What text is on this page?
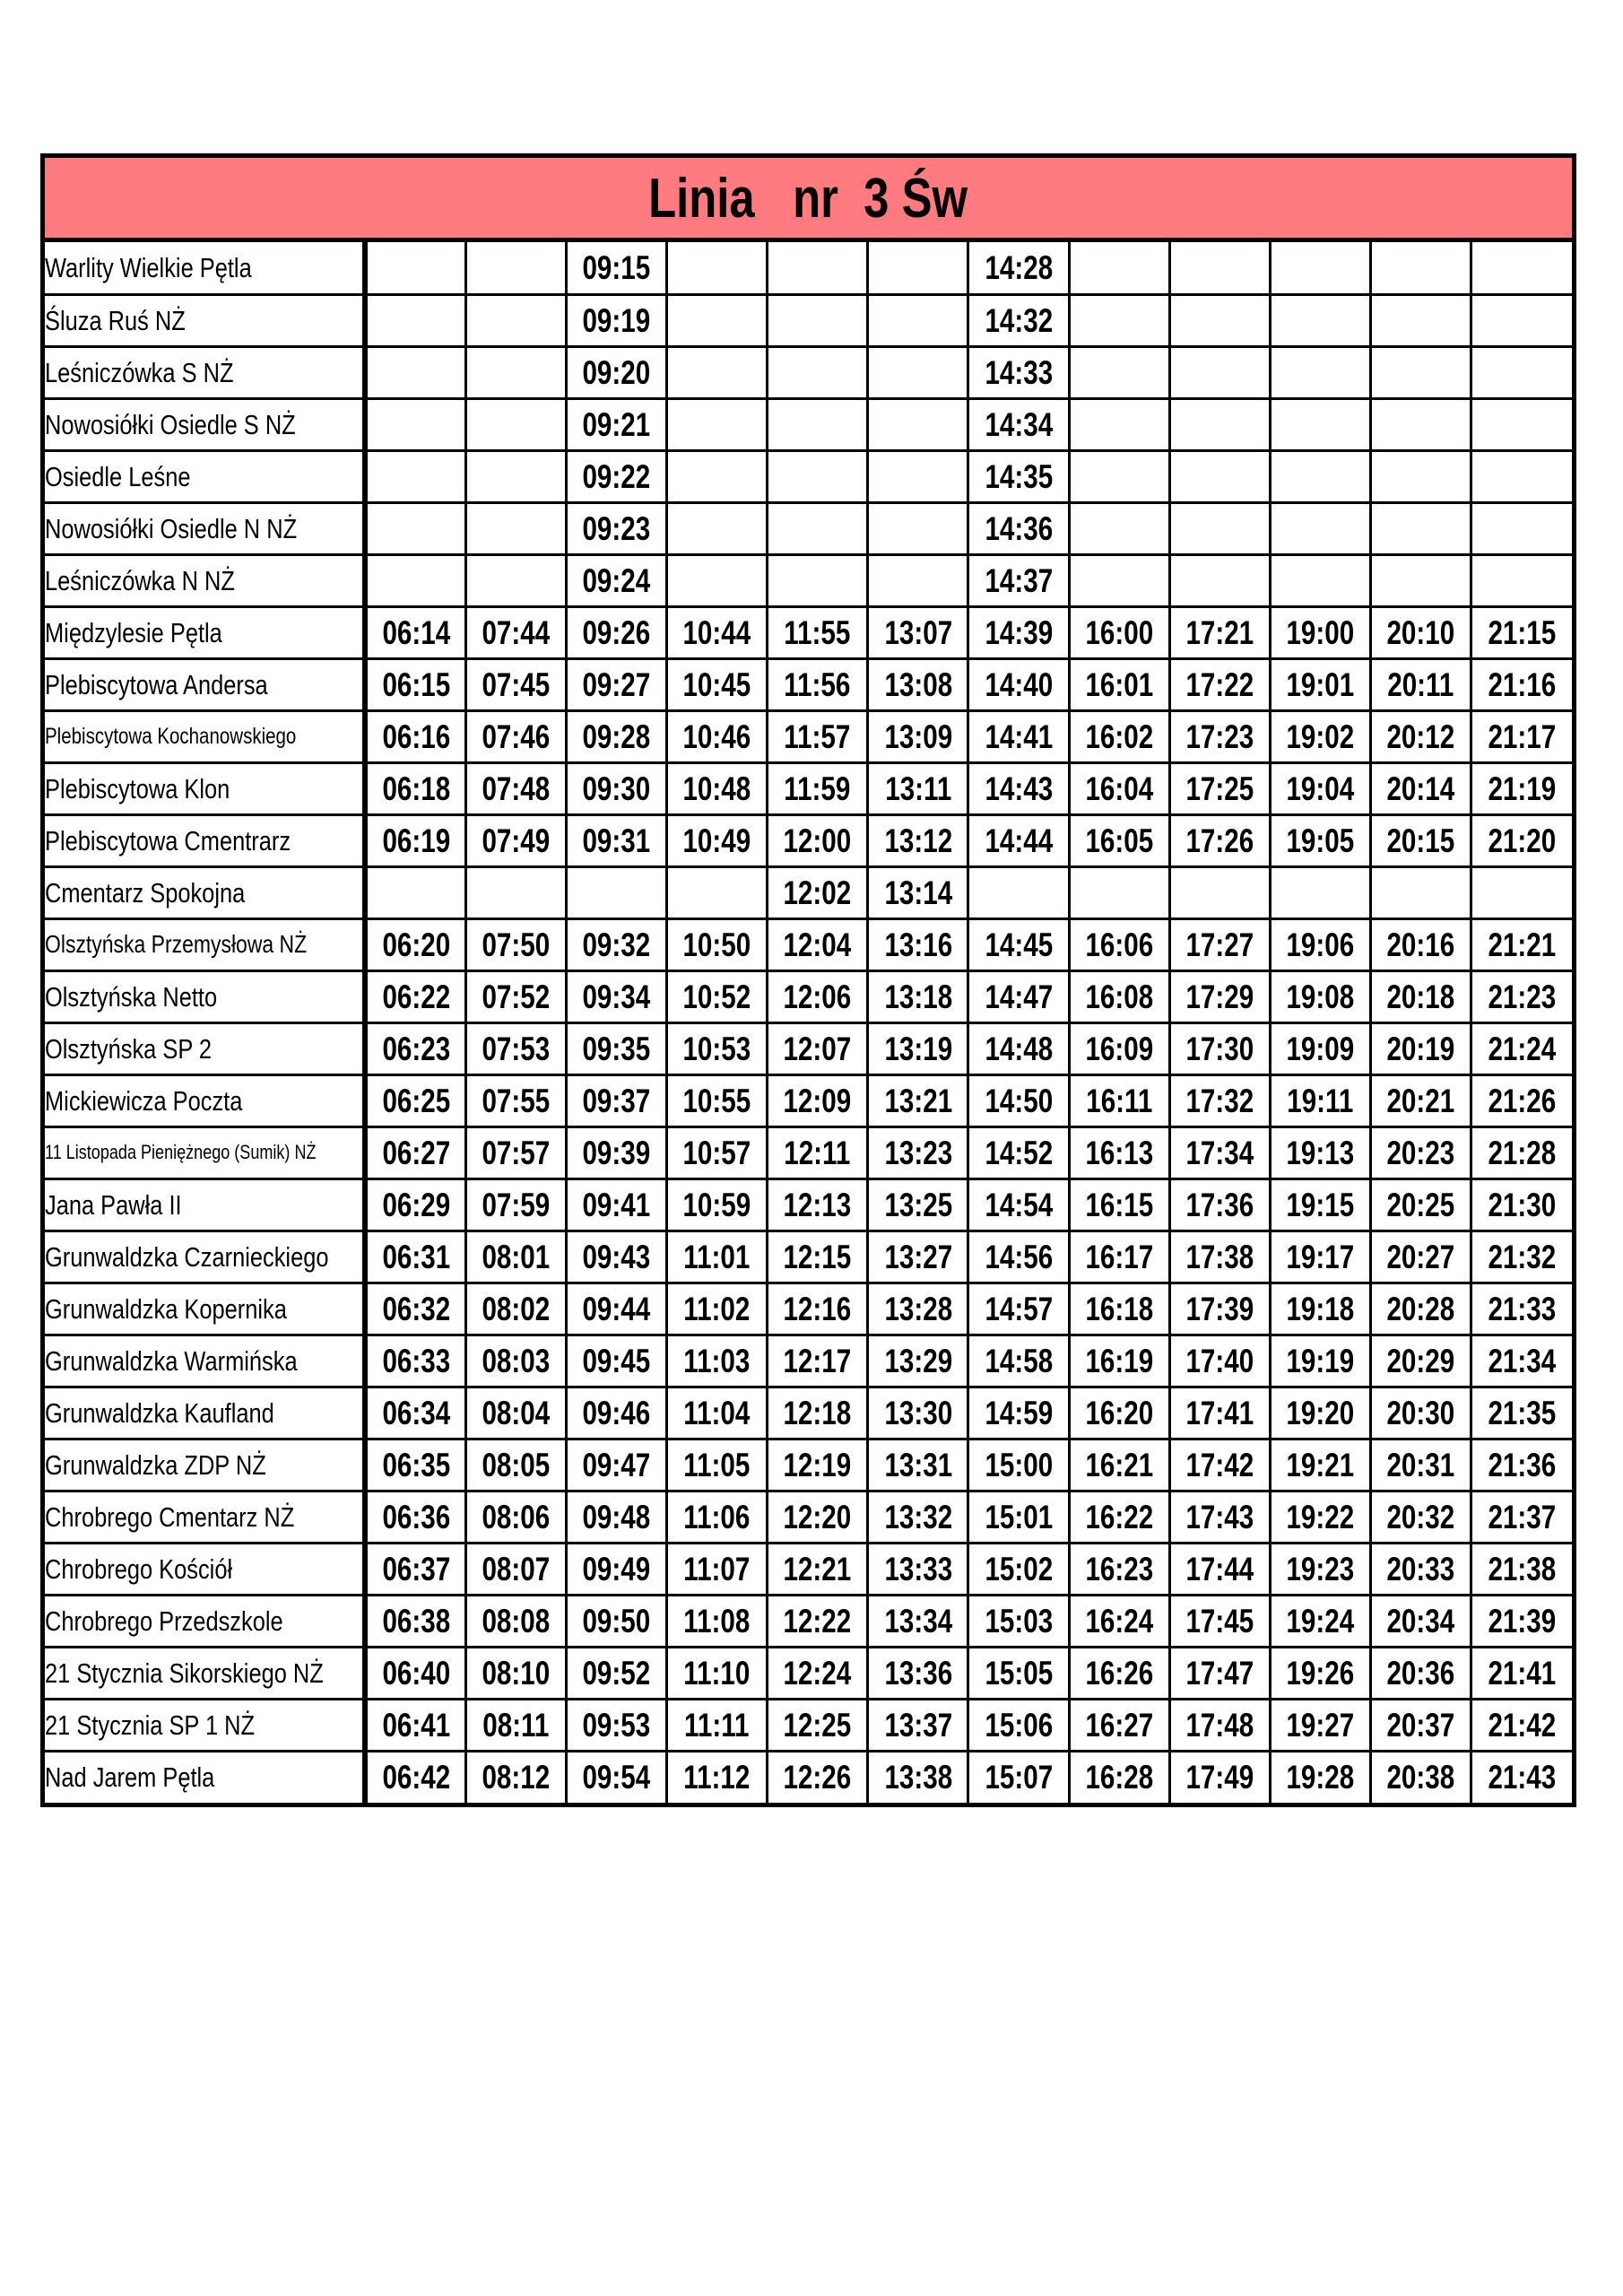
Linia   nr  3 Św
Warlity Wielkie Pętla			09:15				14:28					
Śluza Ruś NŻ			09:19				14:32					
Leśniczówka S NŻ			09:20				14:33					
Nowosiółki Osiedle S NŻ			09:21				14:34					
Osiedle Leśne			09:22				14:35					
Nowosiółki Osiedle N NŻ			09:23				14:36					
Leśniczówka N NŻ			09:24				14:37					
Międzylesie Pętla	06:14	07:44	09:26	10:44	11:55	13:07	14:39	16:00	17:21	19:00	20:10	21:15
Plebiscytowa Andersa	06:15	07:45	09:27	10:45	11:56	13:08	14:40	16:01	17:22	19:01	20:11	21:16
Plebiscytowa Kochanowskiego	06:16	07:46	09:28	10:46	11:57	13:09	14:41	16:02	17:23	19:02	20:12	21:17
Plebiscytowa Klon	06:18	07:48	09:30	10:48	11:59	13:11	14:43	16:04	17:25	19:04	20:14	21:19
Plebiscytowa Cmentrarz	06:19	07:49	09:31	10:49	12:00	13:12	14:44	16:05	17:26	19:05	20:15	21:20
Cmentarz Spokojna					12:02	13:14						
Olsztyńska Przemysłowa NŻ	06:20	07:50	09:32	10:50	12:04	13:16	14:45	16:06	17:27	19:06	20:16	21:21
Olsztyńska Netto	06:22	07:52	09:34	10:52	12:06	13:18	14:47	16:08	17:29	19:08	20:18	21:23
Olsztyńska SP 2	06:23	07:53	09:35	10:53	12:07	13:19	14:48	16:09	17:30	19:09	20:19	21:24
Mickiewicza Poczta	06:25	07:55	09:37	10:55	12:09	13:21	14:50	16:11	17:32	19:11	20:21	21:26
11 Listopada Pieniężnego (Sumik) NŻ	06:27	07:57	09:39	10:57	12:11	13:23	14:52	16:13	17:34	19:13	20:23	21:28
Jana Pawła II	06:29	07:59	09:41	10:59	12:13	13:25	14:54	16:15	17:36	19:15	20:25	21:30
Grunwaldzka Czarnieckiego	06:31	08:01	09:43	11:01	12:15	13:27	14:56	16:17	17:38	19:17	20:27	21:32
Grunwaldzka Kopernika	06:32	08:02	09:44	11:02	12:16	13:28	14:57	16:18	17:39	19:18	20:28	21:33
Grunwaldzka Warmińska	06:33	08:03	09:45	11:03	12:17	13:29	14:58	16:19	17:40	19:19	20:29	21:34
Grunwaldzka Kaufland	06:34	08:04	09:46	11:04	12:18	13:30	14:59	16:20	17:41	19:20	20:30	21:35
Grunwaldzka ZDP NŻ	06:35	08:05	09:47	11:05	12:19	13:31	15:00	16:21	17:42	19:21	20:31	21:36
Chrobrego Cmentarz NŻ	06:36	08:06	09:48	11:06	12:20	13:32	15:01	16:22	17:43	19:22	20:32	21:37
Chrobrego Kościół	06:37	08:07	09:49	11:07	12:21	13:33	15:02	16:23	17:44	19:23	20:33	21:38
Chrobrego Przedszkole	06:38	08:08	09:50	11:08	12:22	13:34	15:03	16:24	17:45	19:24	20:34	21:39
21 Stycznia Sikorskiego NŻ	06:40	08:10	09:52	11:10	12:24	13:36	15:05	16:26	17:47	19:26	20:36	21:41
21 Stycznia SP 1 NŻ	06:41	08:11	09:53	11:11	12:25	13:37	15:06	16:27	17:48	19:27	20:37	21:42
Nad Jarem Pętla	06:42	08:12	09:54	11:12	12:26	13:38	15:07	16:28	17:49	19:28	20:38	21:43
